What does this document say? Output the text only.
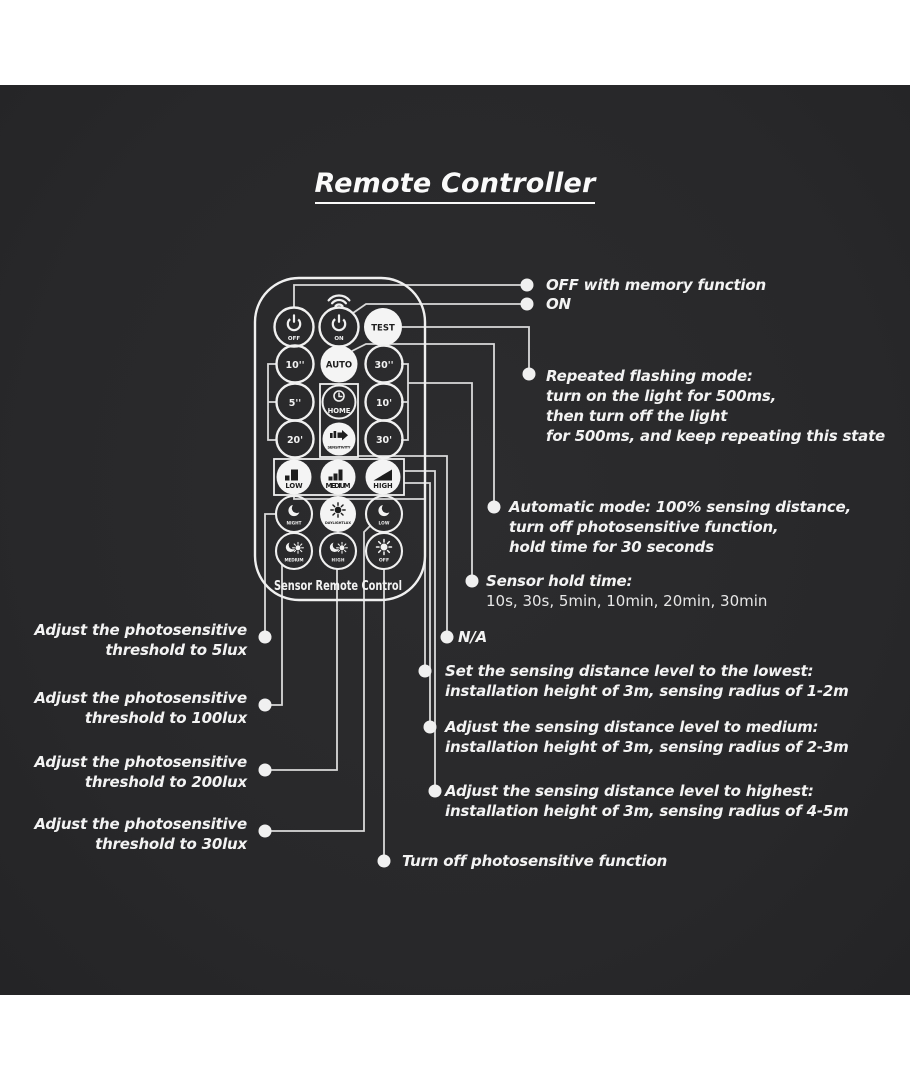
Remote Controller
OFF	ON
TEST
10''	AUTO 30''
5''
HOME
10'
20'
SENSITIVITY
30'
LOW	MEDIUM	HIGH
NIGHT	DAYLIGHTLUX	LOW
MEDIUM	HIGH	OFF
Sensor Remote Control
OFF with memory function
ON
Repeated flashing mode:
turn on the light for 500ms,
then turn off the light
for 500ms, and keep repeating this state
Automatic mode: 100% sensing distance,
turn off photosensitive function,
hold time for 30 seconds
Sensor hold time:
10s, 30s, 5min, 10min, 20min, 30min
N/A
Set the sensing distance level to the lowest:
installation height of 3m, sensing radius of 1-2m
Adjust the sensing distance level to medium:
installation height of 3m, sensing radius of 2-3m
Adjust the sensing distance level to highest:
installation height of 3m, sensing radius of 4-5m
Turn off photosensitive function
Adjust the photosensitive
threshold to 5lux
Adjust the photosensitive
threshold to 100lux
Adjust the photosensitive
threshold to 200lux
Adjust the photosensitive
threshold to 30lux
